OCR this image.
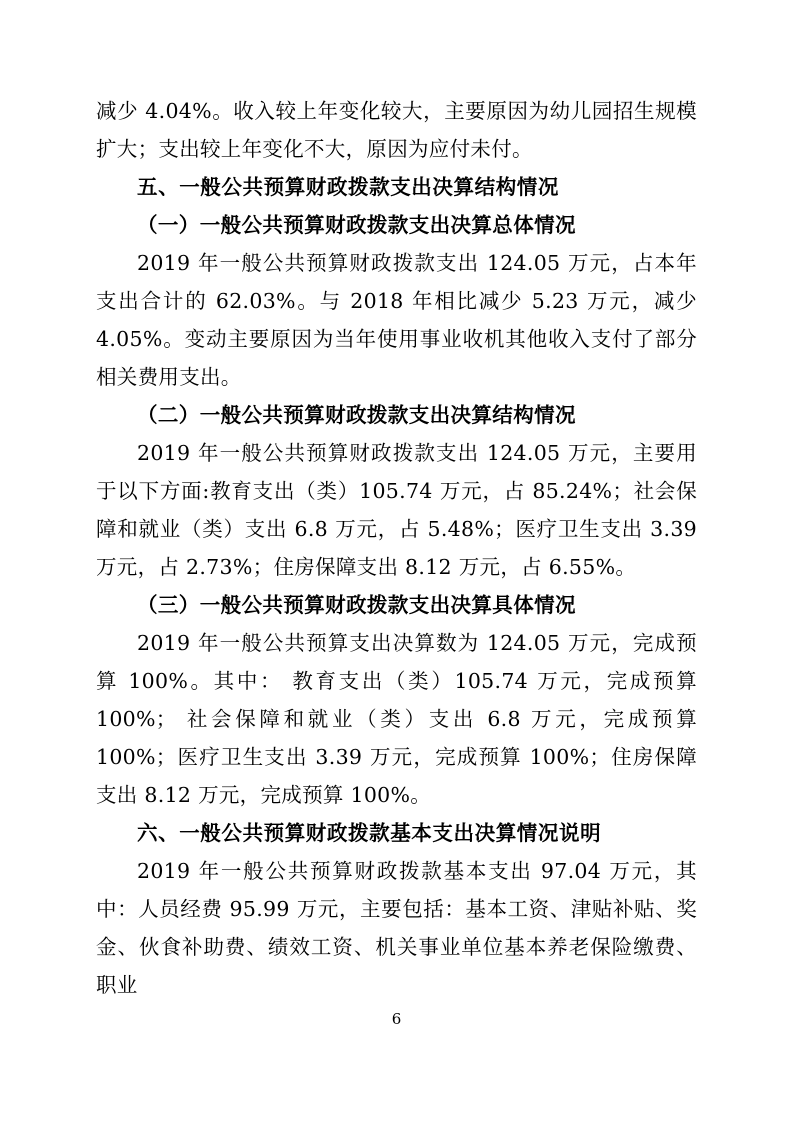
减少 4.04%。收入较上年变化较大，主要原因为幼儿园招生规模扩大；支出较上年变化不大，原因为应付未付。

五、一般公共预算财政拨款支出决算结构情况

（一）一般公共预算财政拨款支出决算总体情况

2019 年一般公共预算财政拨款支出 124.05 万元，占本年支出合计的 62.03%。与 2018 年相比减少 5.23 万元，减少 4.05%。变动主要原因为当年使用事业收机其他收入支付了部分相关费用支出。

（二）一般公共预算财政拨款支出决算结构情况

2019 年一般公共预算财政拨款支出 124.05 万元，主要用于以下方面:教育支出（类）105.74 万元，占 85.24%；社会保障和就业（类）支出 6.8 万元，占 5.48%；医疗卫生支出 3.39 万元，占 2.73%；住房保障支出 8.12 万元，占 6.55%。

（三）一般公共预算财政拨款支出决算具体情况

2019 年一般公共预算支出决算数为 124.05 万元，完成预算 100%。其中： 教育支出（类）105.74 万元，完成预算 100%； 社会保障和就业（类）支出 6.8 万元，完成预算 100%；医疗卫生支出 3.39 万元，完成预算 100%；住房保障支出 8.12 万元，完成预算 100%。

六、一般公共预算财政拨款基本支出决算情况说明

2019 年一般公共预算财政拨款基本支出 97.04 万元，其中：人员经费 95.99 万元，主要包括：基本工资、津贴补贴、奖金、伙食补助费、绩效工资、机关事业单位基本养老保险缴费、职业

6
